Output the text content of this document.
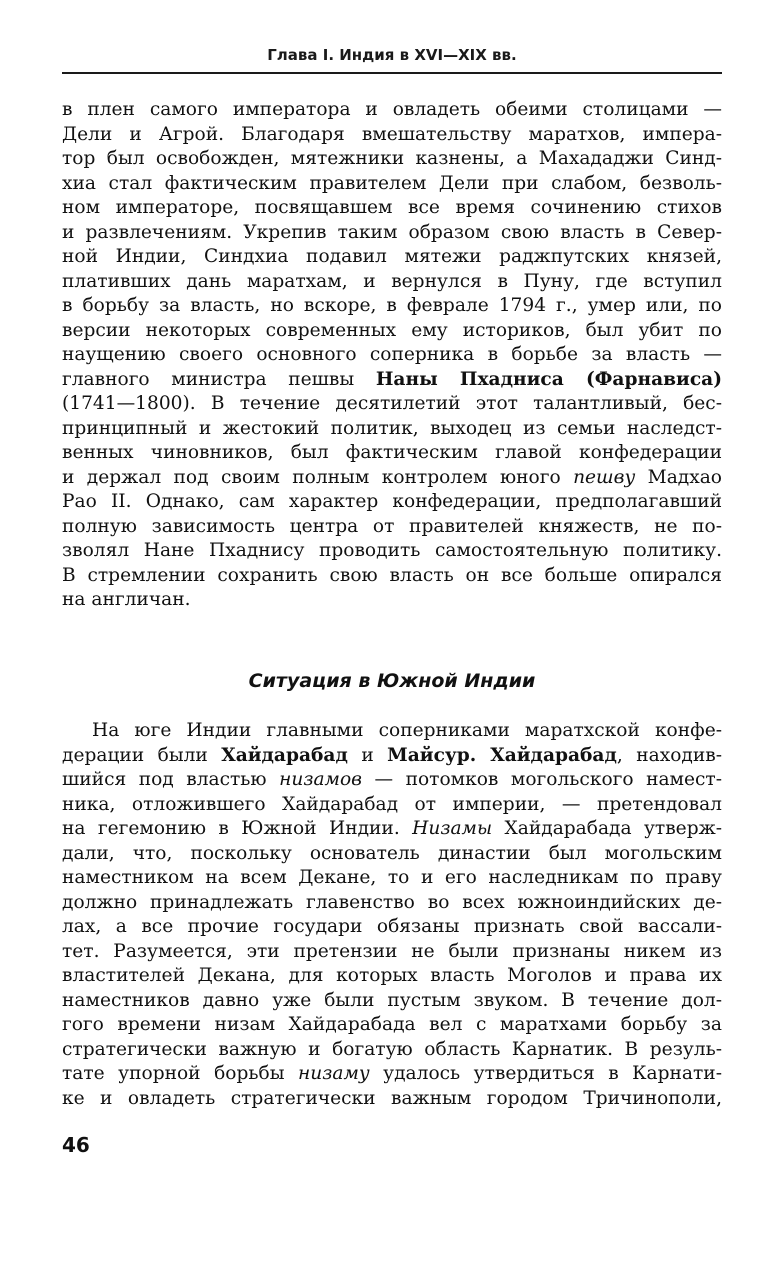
Глава I. Индия в XVI—XIX вв.
в плен самого императора и овладеть обеими столицами —
Дели и Агрой. Благодаря вмешательству маратхов, импера-
тор был освобожден, мятежники казнены, а Махададжи Синд-
хиа стал фактическим правителем Дели при слабом, безволь-
ном императоре, посвящавшем все время сочинению стихов
и развлечениям. Укрепив таким образом свою власть в Север-
ной Индии, Синдхиа подавил мятежи раджпутских князей,
плативших дань маратхам, и вернулся в Пуну, где вступил
в борьбу за власть, но вскоре, в феврале 1794 г., умер или, по
версии некоторых современных ему историков, был убит по
наущению своего основного соперника в борьбе за власть —
главного министра пешвы Наны Пхаднисa (Фарнависа)
(1741—1800). В течение десятилетий этот талантливый, бес-
принципный и жестокий политик, выходец из семьи наследст-
венных чиновников, был фактическим главой конфедерации
и держал под своим полным контролем юного пешву Мадхао
Рао II. Однако, сам характер конфедерации, предполагавший
полную зависимость центра от правителей княжеств, не по-
зволял Нане Пхаднису проводить самостоятельную политику.
В стремлении сохранить свою власть он все больше опирался
на англичан.
Ситуация в Южной Индии
На юге Индии главными соперниками маратхской конфе-
дерации были Хайдарабад и Майсур. Хайдарабад, находив-
шийся под властью низамов — потомков могольского намест-
ника, отложившего Хайдарабад от империи, — претендовал
на гегемонию в Южной Индии. Низамы Хайдарабада утверж-
дали, что, поскольку основатель династии был могольским
наместником на всем Декане, то и его наследникам по праву
должно принадлежать главенство во всех южноиндийских де-
лах, а все прочие государи обязаны признать свой вассали-
тет. Разумеется, эти претензии не были признаны никем из
властителей Декана, для которых власть Моголов и права их
наместников давно уже были пустым звуком. В течение дол-
гого времени низам Хайдарабада вел с маратхами борьбу за
стратегически важную и богатую область Карнатик. В резуль-
тате упорной борьбы низаму удалось утвердиться в Карнати-
ке и овладеть стратегически важным городом Тричинополи,
46
